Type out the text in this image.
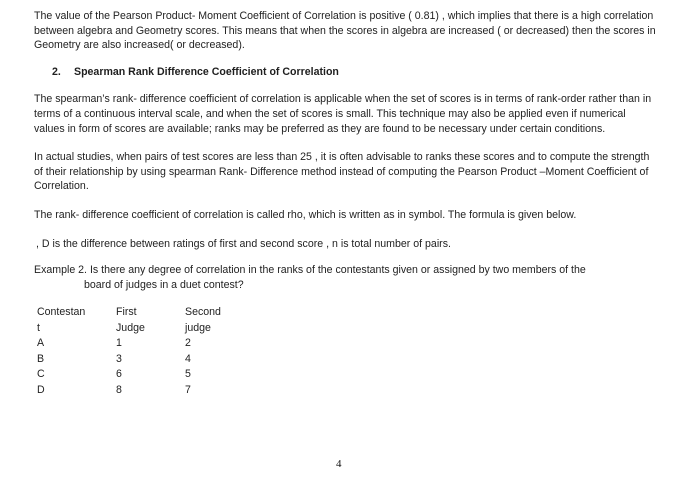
The value of the Pearson Product- Moment Coefficient of Correlation is positive ( 0.81) , which implies that there is a high correlation between algebra and Geometry scores. This means that when the scores in algebra are increased ( or decreased) then the scores in Geometry are also increased( or decreased).

2. Spearman Rank Difference Coefficient of Correlation

The spearman’s rank- difference coefficient of correlation is applicable when the set of scores is in terms of rank-order rather than in terms of a continuous interval scale, and when the set of scores is small. This technique may also be applied even if numerical values in form of scores are available; ranks may be preferred as they are found to be necessary under certain conditions.

In actual studies, when pairs of test scores are less than 25 , it is often advisable to ranks these scores and to compute the strength of their relationship by using spearman Rank- Difference method instead of computing the Pearson Product –Moment Coefficient of Correlation.

The rank- difference coefficient of correlation is called rho, which is written as in symbol. The formula is given below.

, D is the difference between ratings of first and second score , n is total number of pairs.

Example 2. Is there any degree of correlation in the ranks of the contestants given or assigned by two members of the
board of judges in a duet contest?

Contestan	First	Second
t	Judge	judge
A	1	2
B	3	4
C	6	5
D	8	7
4
